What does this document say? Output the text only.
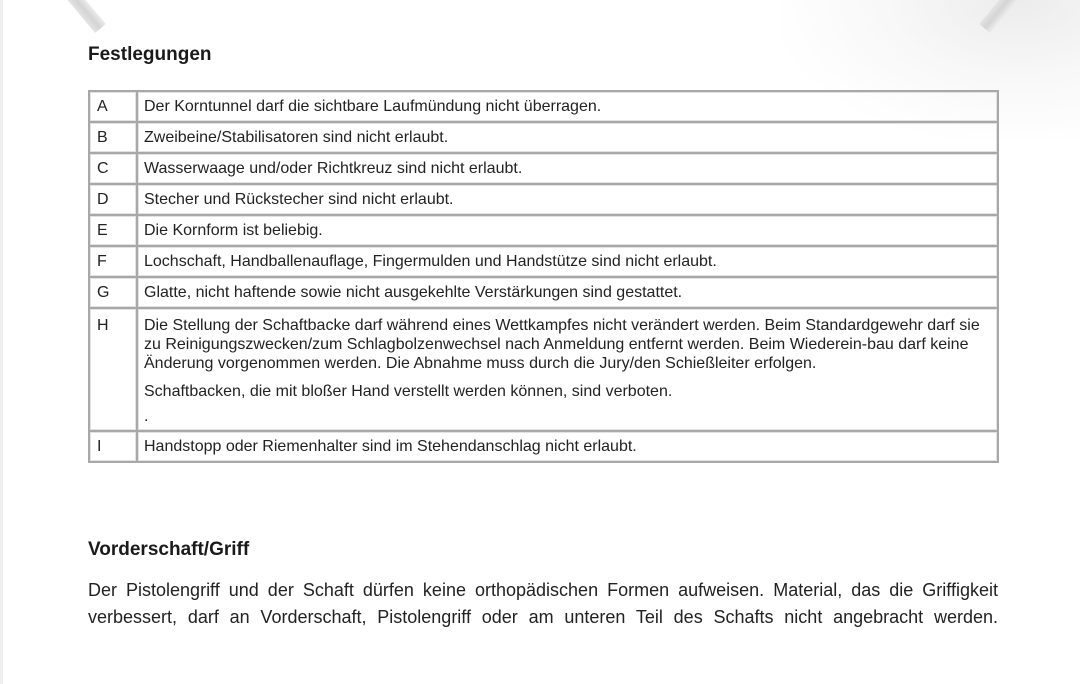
Festlegungen
A	Der Korntunnel darf die sichtbare Laufmündung nicht überragen.
B	Zweibeine/Stabilisatoren sind nicht erlaubt.
C	Wasserwaage und/oder Richtkreuz sind nicht erlaubt.
D	Stecher und Rückstecher sind nicht erlaubt.
E	Die Kornform ist beliebig.
F	Lochschaft, Handballenauflage, Fingermulden und Handstütze sind nicht erlaubt.
G	Glatte, nicht haftende sowie nicht ausgekehlte Verstärkungen sind gestattet.
H	Die Stellung der Schaftbacke darf während eines Wettkampfes nicht verändert werden. Beim Standardgewehr darf sie zu Reinigungszwecken/zum Schlagbolzenwechsel nach Anmeldung entfernt werden. Beim Wiederein-bau darf keine Änderung vorgenommen werden. Die Abnahme muss durch die Jury/den Schießleiter erfolgen.

Schaftbacken, die mit bloßer Hand verstellt werden können, sind verboten.

.

I	Handstopp oder Riemenhalter sind im Stehendanschlag nicht erlaubt.
Vorderschaft/Griff

Der Pistolengriff und der Schaft dürfen keine orthopädischen Formen aufweisen. Material, das die Griffigkeit verbessert, darf an Vorderschaft, Pistolengriff oder am unteren Teil des Schafts nicht angebracht werden.
